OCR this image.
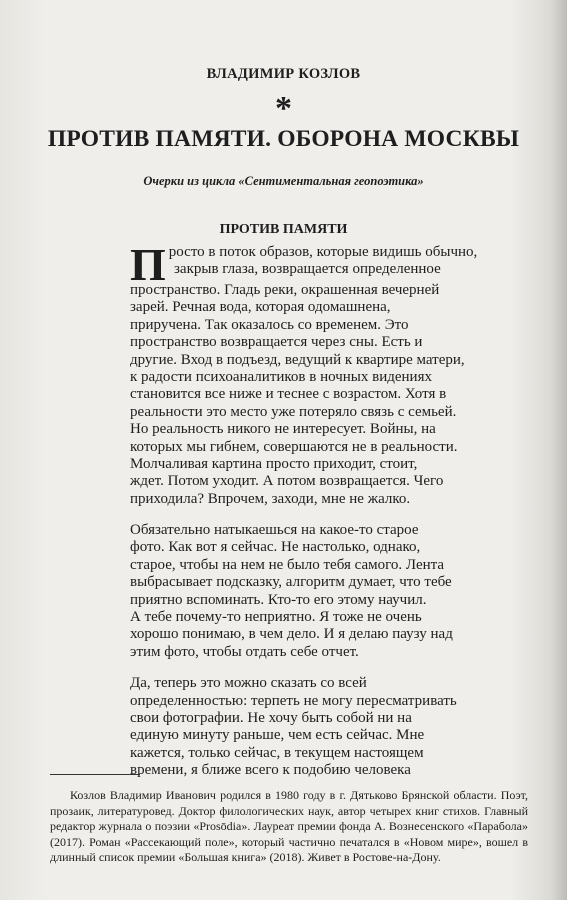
ВЛАДИМИР КОЗЛОВ
*
ПРОТИВ ПАМЯТИ. ОБОРОНА МОСКВЫ
Очерки из цикла «Сентиментальная геопоэтика»
ПРОТИВ ПАМЯТИ
П росто в поток образов, которые видишь обычно,
закрыв глаза, возвращается определенное
пространство. Гладь реки, окрашенная вечерней
зарей. Речная вода, которая одомашнена,
приручена. Так оказалось со временем. Это
пространство возвращается через сны. Есть и
другие. Вход в подъезд, ведущий к квартире матери,
к радости психоаналитиков в ночных видениях
становится все ниже и теснее с возрастом. Хотя в
реальности это место уже потеряло связь с семьей.
Но реальность никого не интересует. Войны, на
которых мы гибнем, совершаются не в реальности.
Молчаливая картина просто приходит, стоит,
ждет. Потом уходит. А потом возвращается. Чего
приходила? Впрочем, заходи, мне не жалко.
Обязательно натыкаешься на какое-то старое
фото. Как вот я сейчас. Не настолько, однако,
старое, чтобы на нем не было тебя самого. Лента
выбрасывает подсказку, алгоритм думает, что тебе
приятно вспоминать. Кто-то его этому научил.
А тебе почему-то неприятно. Я тоже не очень
хорошо понимаю, в чем дело. И я делаю паузу над
этим фото, чтобы отдать себе отчет.
Да, теперь это можно сказать со всей
определенностью: терпеть не могу пересматривать
свои фотографии. Не хочу быть собой ни на
единую минуту раньше, чем есть сейчас. Мне
кажется, только сейчас, в текущем настоящем
времени, я ближе всего к подобию человека
Козлов Владимир Иванович родился в 1980 году в г. Дятьково Брянской области. Поэт, прозаик, литературовед. Доктор филологических наук, автор четырех книг стихов. Главный редактор журнала о поэзии «Prosōdia». Лауреат премии фонда А. Вознесенского «Парабола» (2017). Роман «Рассекающий поле», который частично печатался в «Новом мире», вошел в длинный список премии «Большая книга» (2018). Живет в Ростове-на-Дону.
